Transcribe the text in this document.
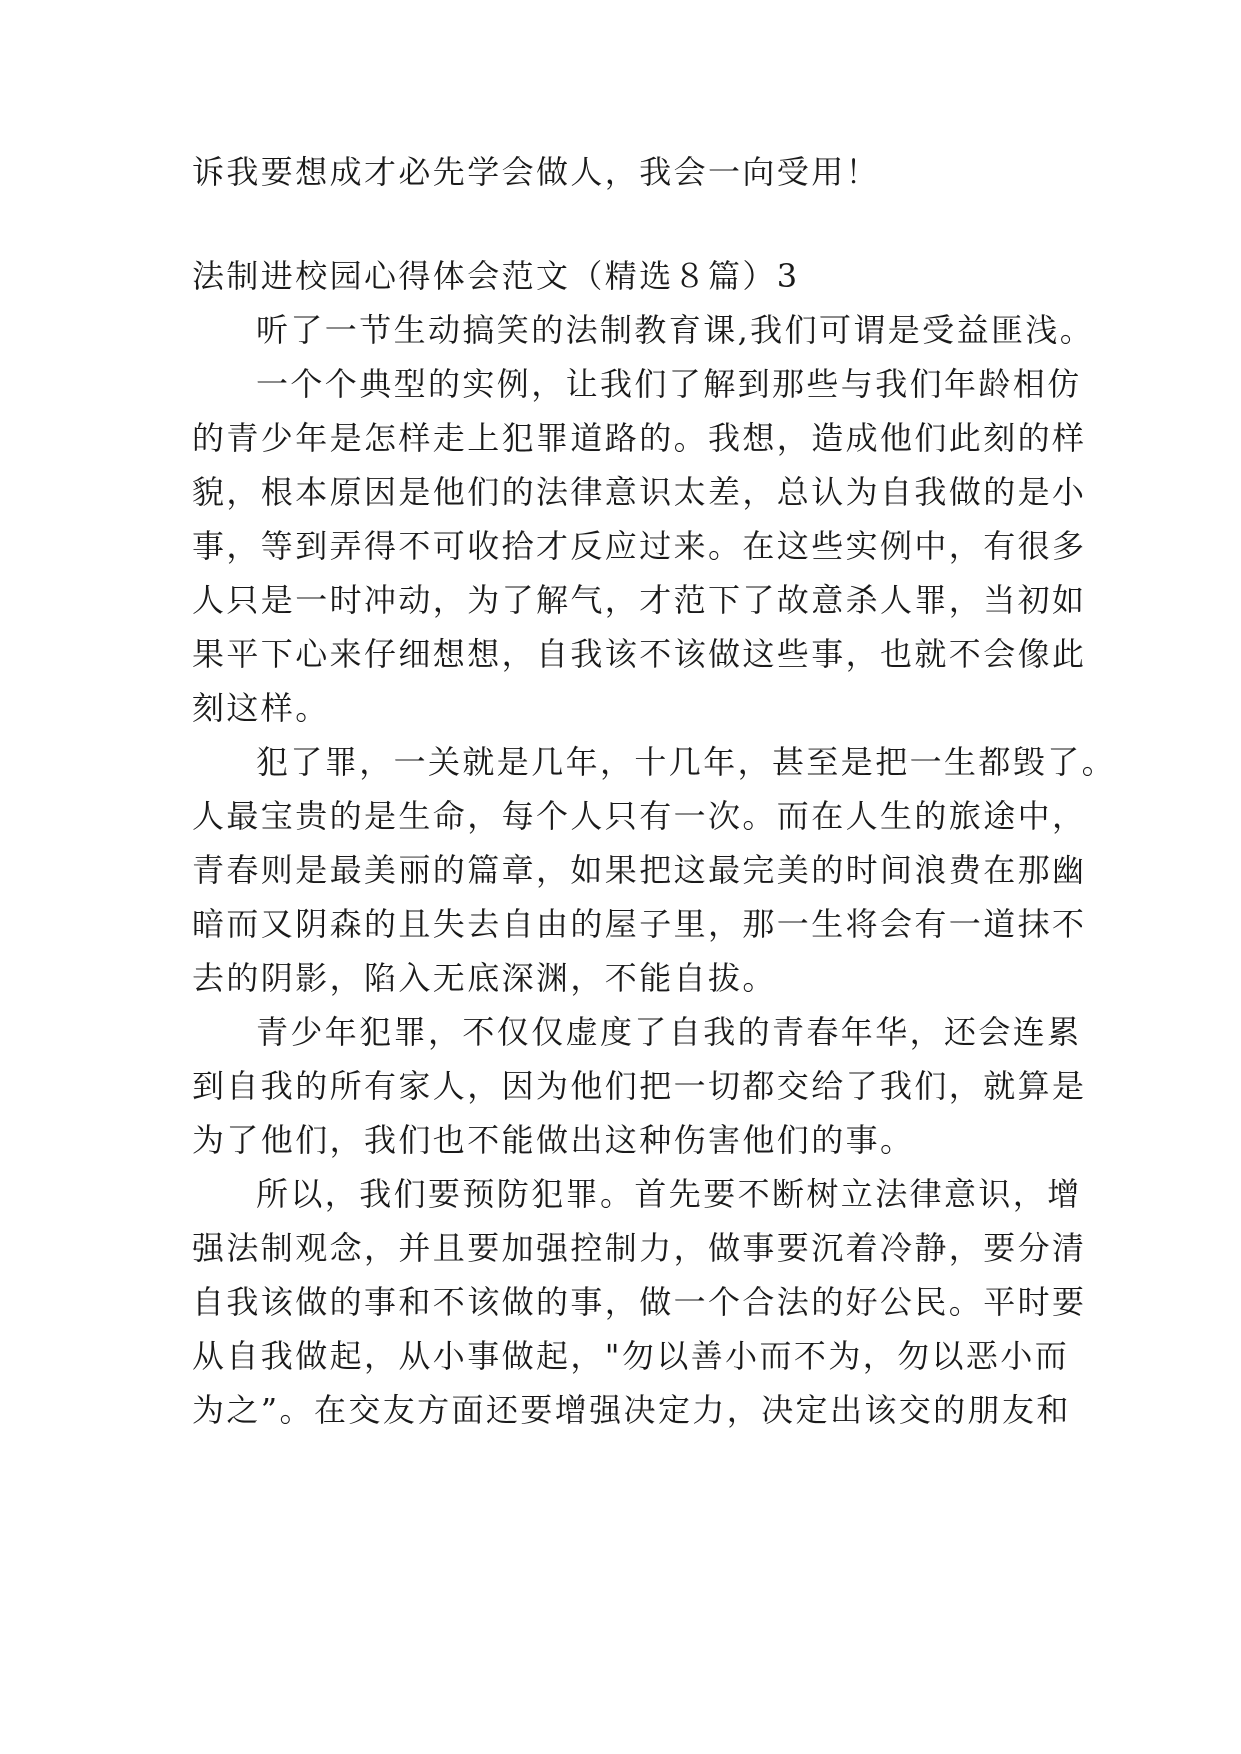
诉我要想成才必先学会做人，我会一向受用！
法制进校园心得体会范文（精选８篇）3
听了一节生动搞笑的法制教育课,我们可谓是受益匪浅。
一个个典型的实例，让我们了解到那些与我们年龄相仿
的青少年是怎样走上犯罪道路的。我想，造成他们此刻的样
貌，根本原因是他们的法律意识太差，总认为自我做的是小
事，等到弄得不可收拾才反应过来。在这些实例中，有很多
人只是一时冲动，为了解气，才范下了故意杀人罪，当初如
果平下心来仔细想想，自我该不该做这些事，也就不会像此
刻这样。
犯了罪，一关就是几年，十几年，甚至是把一生都毁了。
人最宝贵的是生命，每个人只有一次。而在人生的旅途中，
青春则是最美丽的篇章，如果把这最完美的时间浪费在那幽
暗而又阴森的且失去自由的屋子里，那一生将会有一道抹不
去的阴影，陷入无底深渊，不能自拔。
青少年犯罪，不仅仅虚度了自我的青春年华，还会连累
到自我的所有家人，因为他们把一切都交给了我们，就算是
为了他们，我们也不能做出这种伤害他们的事。
所以，我们要预防犯罪。首先要不断树立法律意识，增
强法制观念，并且要加强控制力，做事要沉着冷静，要分清
自我该做的事和不该做的事，做一个合法的好公民。平时要
从自我做起，从小事做起，"勿以善小而不为，勿以恶小而
为之”。在交友方面还要增强决定力，决定出该交的朋友和
